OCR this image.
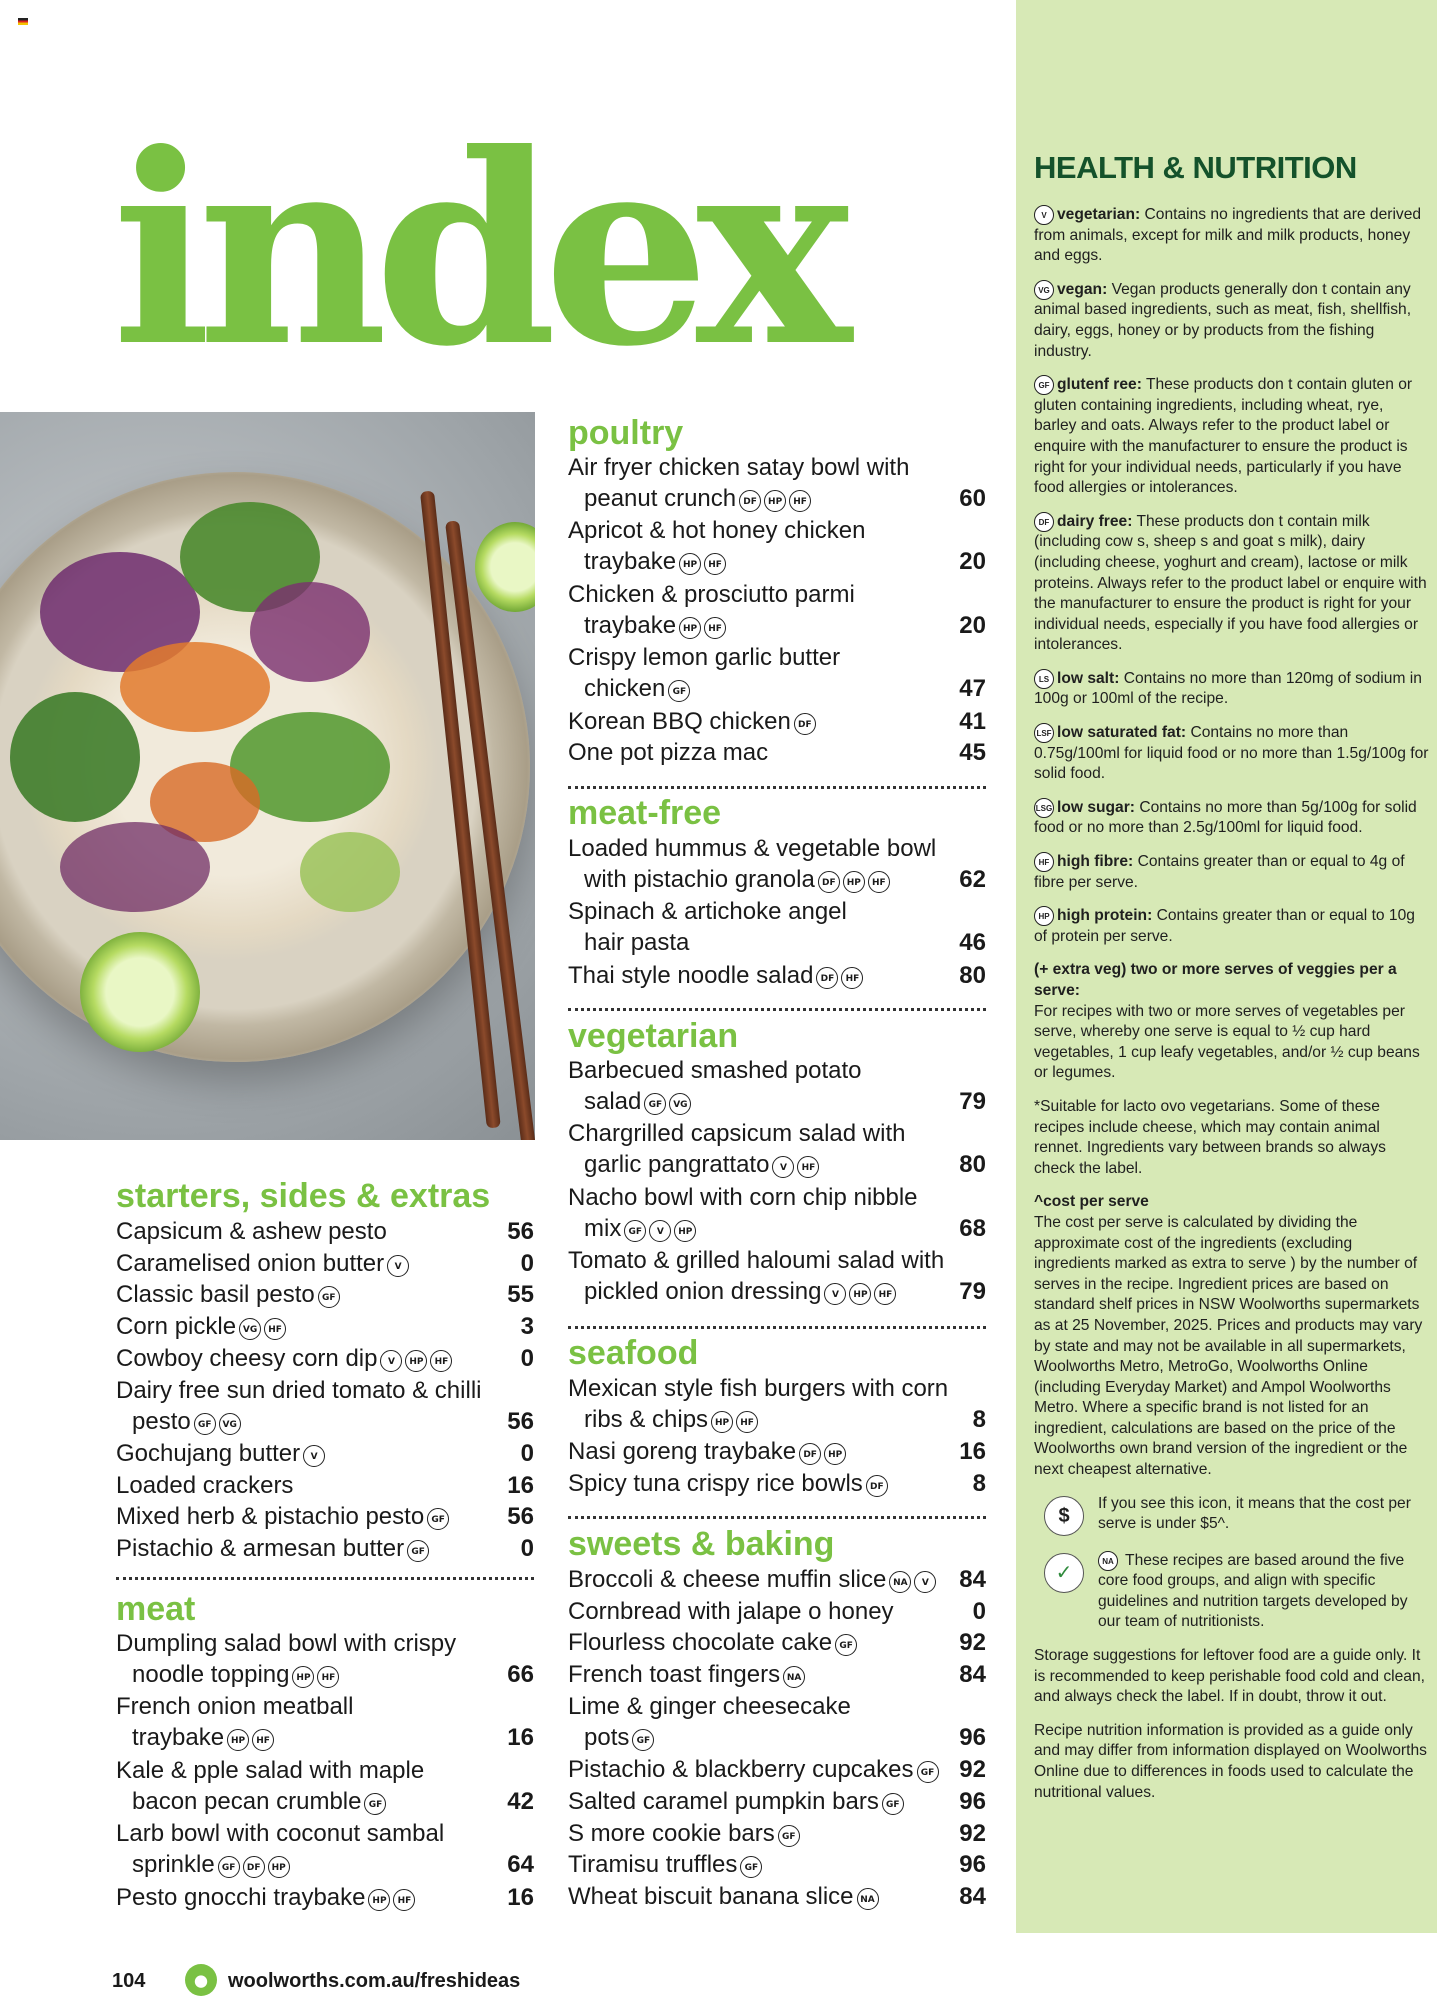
index
starters, sides & extras
Capsicum & ashew pesto	56
Caramelised onion butter V	0
Classic basil pesto GF	55
Corn pickle VG HF	3
Cowboy cheesy corn dip V HP HF	0
Dairy free sun dried tomato & chilli
pesto GF VG	56
Gochujang butter V	0
Loaded crackers	16
Mixed herb & pistachio pesto GF	56
Pistachio & armesan butter GF	0
meat
Dumpling salad bowl with crispy
noodle topping HP HF	66
French onion meatball
traybake HP HF	16
Kale & pple salad with maple
bacon pecan crumble GF	42
Larb bowl with coconut sambal
sprinkle GF DF HP	64
Pesto gnocchi traybake HP HF	16
poultry
Air fryer chicken satay bowl with
peanut crunch DF HP HF	60
Apricot & hot honey chicken
traybake HP HF	20
Chicken & prosciutto parmi
traybake HP HF	20
Crispy lemon garlic butter
chicken GF	47
Korean BBQ chicken DF	41
One pot pizza mac	45
meat-free
Loaded hummus & vegetable bowl
with pistachio granola DF HP HF	62
Spinach & artichoke angel
hair pasta	46
Thai style noodle salad DF HF	80
vegetarian
Barbecued smashed potato
salad GF VG	79
Chargrilled capsicum salad with
garlic pangrattato V HF	80
Nacho bowl with corn chip nibble
mix GF V HP	68
Tomato & grilled haloumi salad with
pickled onion dressing V HP HF	79
seafood
Mexican style fish burgers with corn
ribs & chips HP HF	8
Nasi goreng traybake DF HP	16
Spicy tuna crispy rice bowls DF	8
sweets & baking
Broccoli & cheese muffin slice NA V	84
Cornbread with jalape o honey	0
Flourless chocolate cake GF	92
French toast fingers NA	84
Lime & ginger cheesecake
pots GF	96
Pistachio & blackberry cupcakes GF	92
Salted caramel pumpkin bars GF	96
S more cookie bars GF	92
Tiramisu truffles GF	96
Wheat biscuit banana slice NA	84
HEALTH & NUTRITION

V vegetarian: Contains no ingredients that are derived from animals, except for milk and milk products, honey and eggs.

VG vegan: Vegan products generally don t contain any animal based ingredients, such as meat, fish, shellfish, dairy, eggs, honey or by products from the fishing industry.

GF glutenf ree: These products don t contain gluten or gluten containing ingredients, including wheat, rye, barley and oats. Always refer to the product label or enquire with the manufacturer to ensure the product is right for your individual needs, particularly if you have food allergies or intolerances.

DF dairy free: These products don t contain milk (including cow s, sheep s and goat s milk), dairy (including cheese, yoghurt and cream), lactose or milk proteins. Always refer to the product label or enquire with the manufacturer to ensure the product is right for your individual needs, especially if you have food allergies or intolerances.

LS low salt: Contains no more than 120mg of sodium in 100g or 100ml of the recipe.

LSF low saturated fat: Contains no more than 0.75g/100ml for liquid food or no more than 1.5g/100g for solid food.

LSG low sugar: Contains no more than 5g/100g for solid food or no more than 2.5g/100ml for liquid food.

HF high fibre: Contains greater than or equal to 4g of fibre per serve.

HP high protein: Contains greater than or equal to 10g of protein per serve.

(+ extra veg) two or more serves of veggies per a serve:
For recipes with two or more serves of vegetables per serve, whereby one serve is equal to ½ cup hard vegetables, 1 cup leafy vegetables, and/or ½ cup beans or legumes.

*Suitable for lacto ovo vegetarians. Some of these recipes include cheese, which may contain animal rennet. Ingredients vary between brands so always check the label.

^cost per serve
The cost per serve is calculated by dividing the approximate cost of the ingredients (excluding ingredients marked as extra to serve ) by the number of serves in the recipe. Ingredient prices are based on standard shelf prices in NSW Woolworths supermarkets as at 25 November, 2025. Prices and products may vary by state and may not be available in all supermarkets, Woolworths Metro, MetroGo, Woolworths Online (including Everyday Market) and Ampol Woolworths Metro. Where a specific brand is not listed for an ingredient, calculations are based on the price of the Woolworths own brand version of the ingredient or the next cheapest alternative.

$
If you see this icon, it means that the cost per serve is under $5^.
✓
NA These recipes are based around the five core food groups, and align with specific guidelines and nutrition targets developed by our team of nutritionists.

Storage suggestions for leftover food are a guide only. It is recommended to keep perishable food cold and clean, and always check the label. If in doubt, throw it out.

Recipe nutrition information is provided as a guide only and may differ from information displayed on Woolworths Online due to differences in foods used to calculate the nutritional values.

104	woolworths.com.au/freshideas
